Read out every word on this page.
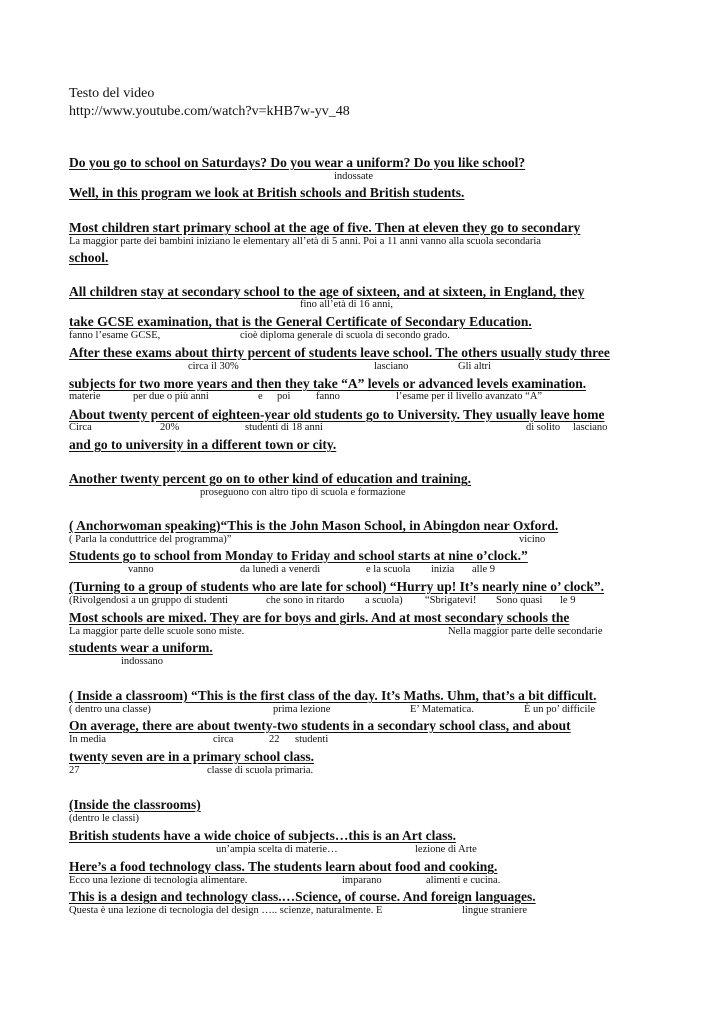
Testo del video
http://www.youtube.com/watch?v=kHB7w-yv_48
Do you go to school on Saturdays? Do you wear a uniform? Do you like school?
indossate
Well, in this program we look at British schools and British students.
Most children start primary school at the age of five. Then at eleven they go to secondary
La maggior parte dei bambini iniziano le elementary all’età di 5 anni. Poi a 11 anni vanno alla scuola secondaria
school.
All children stay at secondary school to the age of sixteen, and at sixteen, in England, they
fino all’età di 16 anni,
take GCSE examination, that is the General Certificate of Secondary Education.
fanno l’esame GCSE,	cioè diploma generale di scuola di secondo grado.
After these exams about thirty percent of students leave school. The others usually study three
circa il 30%	lasciano	Gli altri
subjects for two more years and then they take “A” levels or advanced levels examination.
materie	per due o più anni	e poi fanno	l’esame per il livello avanzato “A”
About twenty percent of eighteen-year old students go to University. They usually leave home
Circa	20%	studenti di 18 anni	di solito lasciano
and go to university in a different town or city.
Another twenty percent go on to other kind of education and training.
proseguono con altro tipo di scuola e formazione
( Anchorwoman speaking)“This is the John Mason School, in Abingdon near Oxford.
( Parla la conduttrice del programma)”	vicino
Students go to school from Monday to Friday and school starts at nine o’clock.”
vanno	da lunedì a venerdì	e la scuola inizia alle 9
(Turning to a group of students who are late for school) “Hurry up! It’s nearly nine o’ clock”.
(Rivolgendosi a un gruppo di studenti	che sono in ritardo a scuola) “Sbrigatevi! Sono quasi le 9
Most schools are mixed. They are for boys and girls. And at most secondary schools the
La maggior parte delle scuole sono miste.	Nella maggior parte delle secondarie
students wear a uniform.
indossano
( Inside a classroom) “This is the first class of the day. It’s Maths. Uhm, that’s a bit difficult.
( dentro una classe)	prima lezione	E’ Matematica.	È un po’ difficile
On average, there are about twenty-two students in a secondary school class, and about
In media	circa	22 studenti
twenty seven are in a primary school class.
27	classe di scuola primaria.
(Inside the classrooms)
(dentro le classi)
British students have a wide choice of subjects…this is an Art class.
un’ampia scelta di materie…	lezione di Arte
Here’s a food technology class. The students learn about food and cooking.
Ecco una lezione di tecnologia alimentare.	imparano	alimenti e cucina.
This is a design and technology class.…Science, of course. And foreign languages.
Questa è una lezione di tecnologia del design ….. scienze, naturalmente. E	lingue straniere
